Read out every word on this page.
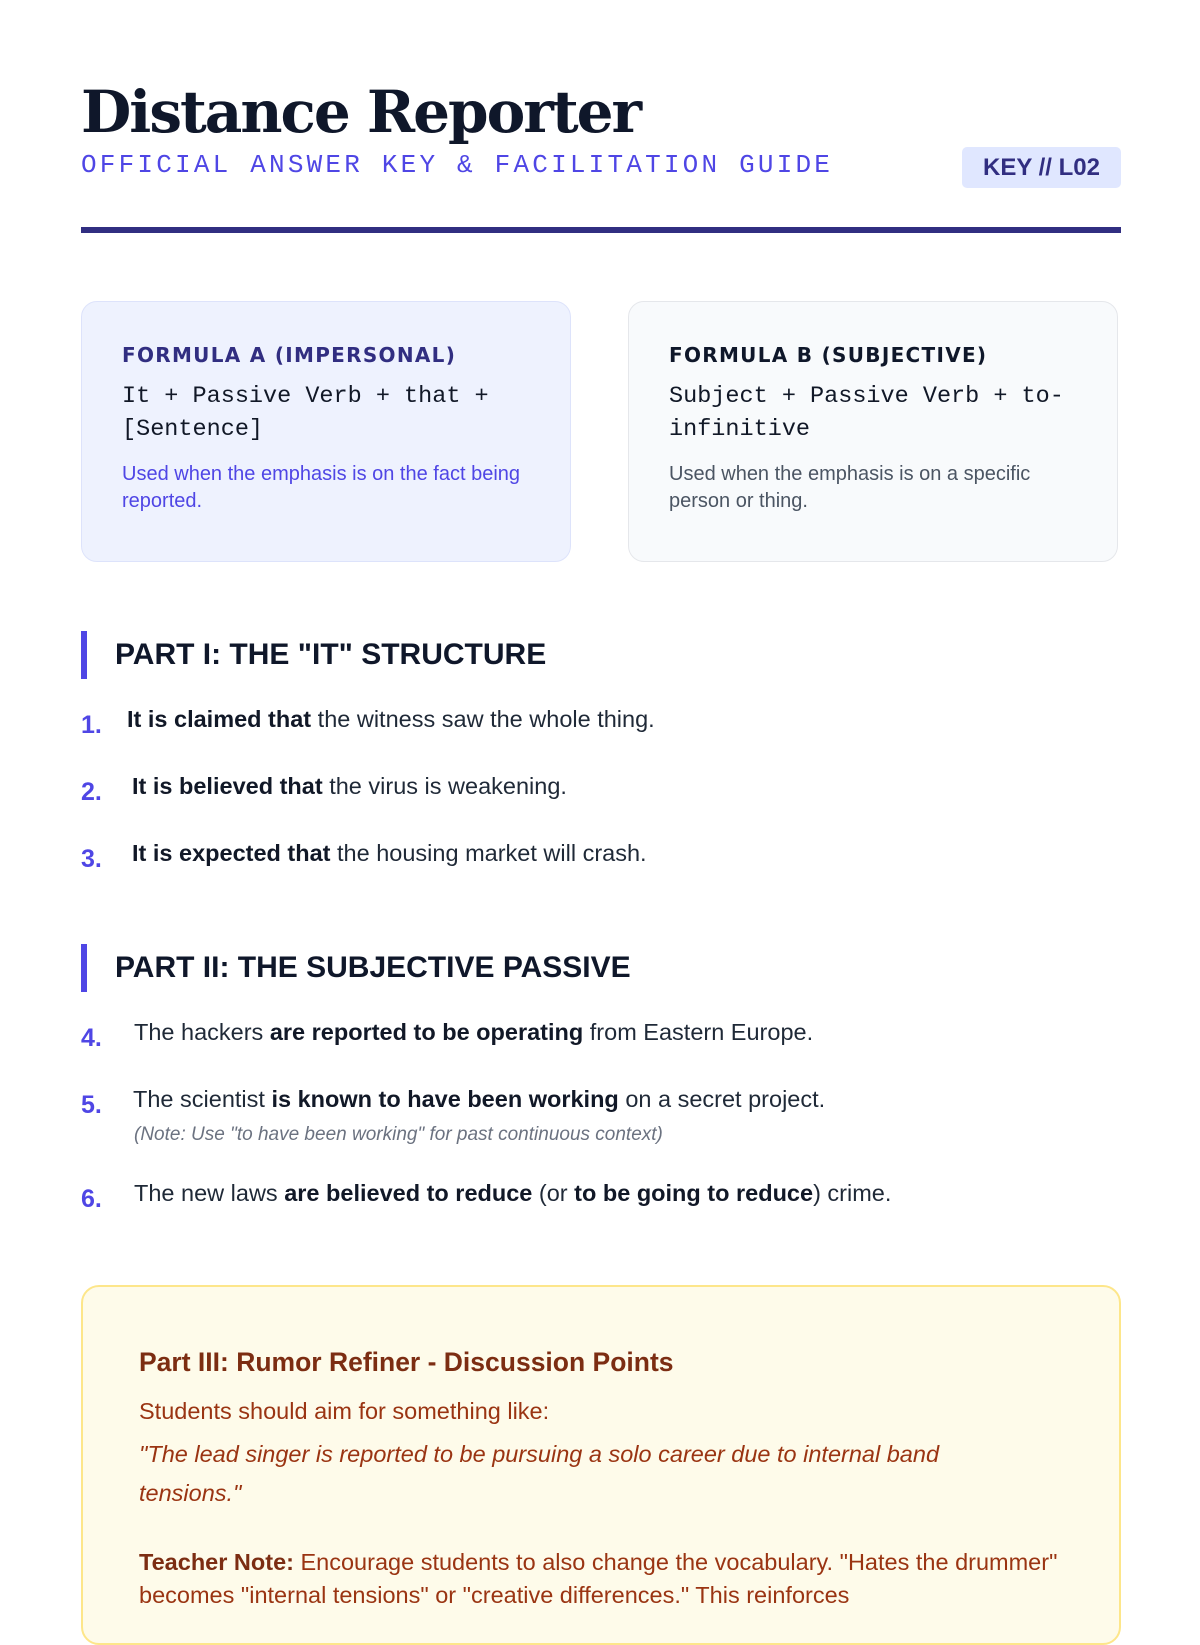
Distance Reporter
OFFICIAL ANSWER KEY & FACILITATION GUIDE	KEY // L02
FORMULA A (IMPERSONAL)
It + Passive Verb + that + [Sentence]
Used when the emphasis is on the fact being reported.
FORMULA B (SUBJECTIVE)
Subject + Passive Verb + to-infinitive
Used when the emphasis is on a specific person or thing.
PART I: THE "IT" STRUCTURE
1. It is claimed that the witness saw the whole thing.
2. It is believed that the virus is weakening.
3. It is expected that the housing market will crash.
PART II: THE SUBJECTIVE PASSIVE
4. The hackers are reported to be operating from Eastern Europe.
5. The scientist is known to have been working on a secret project.
(Note: Use "to have been working" for past continuous context)
6. The new laws are believed to reduce (or to be going to reduce) crime.
Part III: Rumor Refiner - Discussion Points
Students should aim for something like:
"The lead singer is reported to be pursuing a solo career due to internal band tensions."
Teacher Note: Encourage students to also change the vocabulary. "Hates the drummer" becomes "internal tensions" or "creative differences." This reinforces
